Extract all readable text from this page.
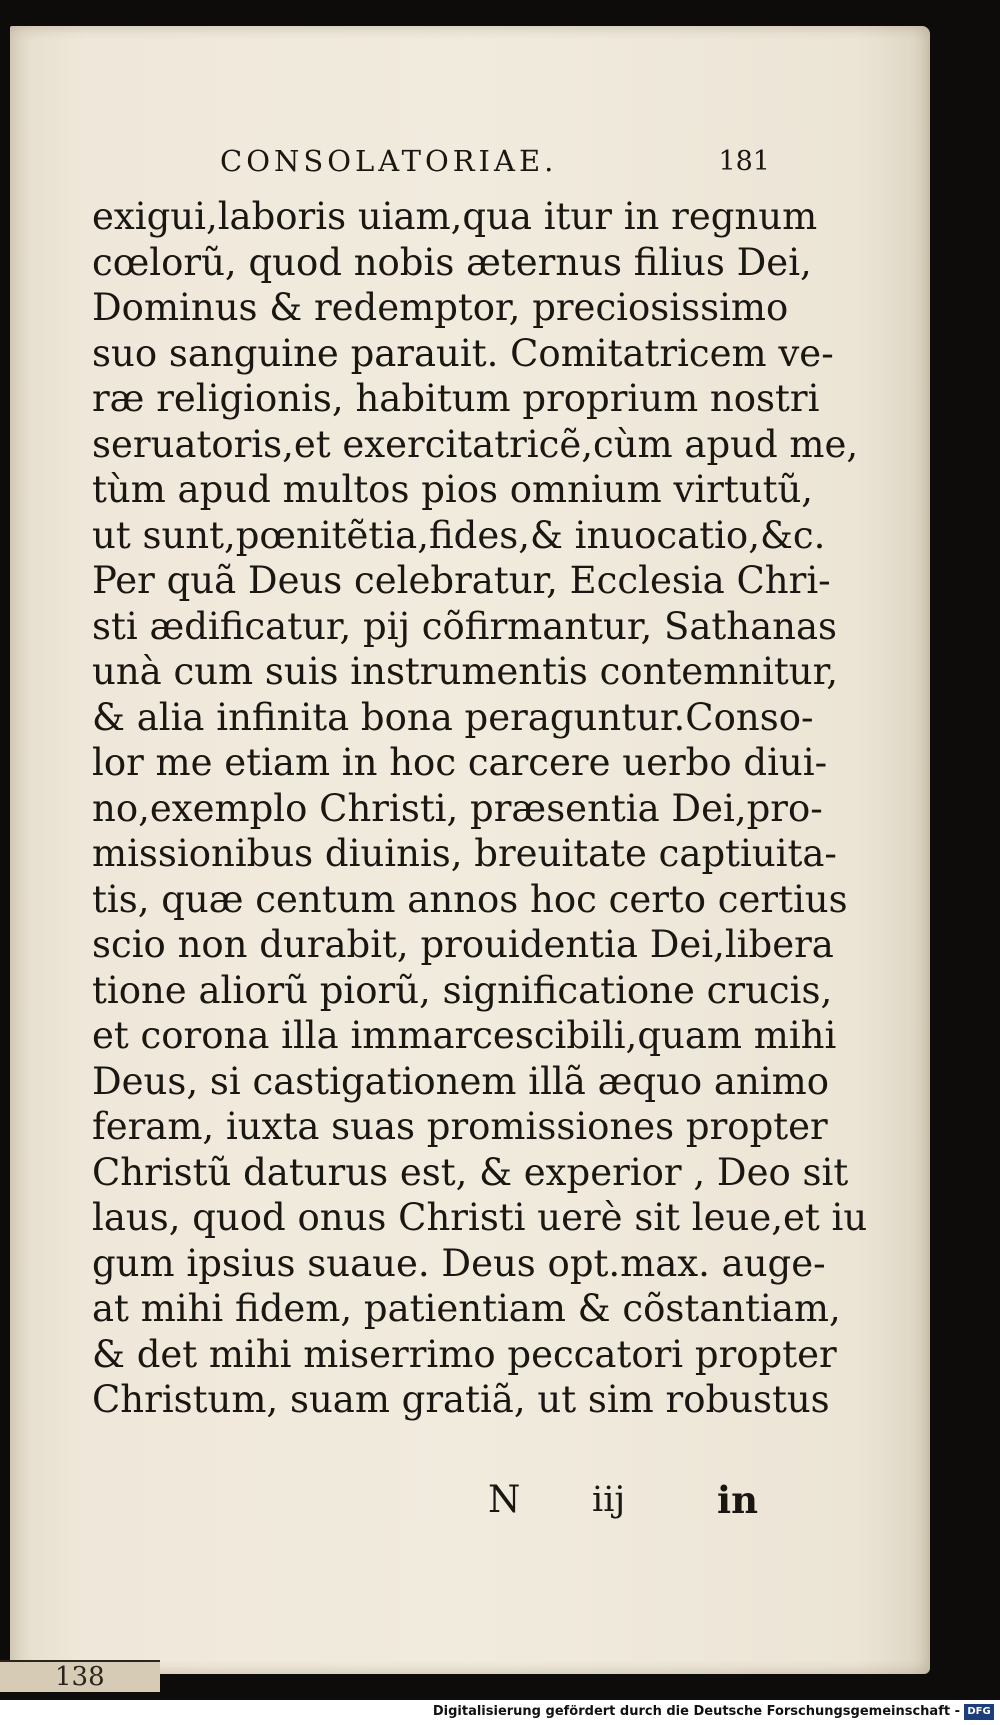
CONSOLATORIAE.	181
exigui,laboris uiam,qua itur in regnum
cœlorũ, quod nobis æternus filius Dei,
Dominus & redemptor, preciosissimo
suo sanguine parauit. Comitatricem ve-
ræ religionis, habitum proprium nostri
seruatoris,et exercitatricẽ,cùm apud me,
tùm apud multos pios omnium virtutũ,
ut sunt,pœnitẽtia,fides,& inuocatio,&c.
Per quã Deus celebratur, Ecclesia Chri-
sti ædificatur, pij cõfirmantur, Sathanas
unà cum suis instrumentis contemnitur,
& alia infinita bona peraguntur.Conso-
lor me etiam in hoc carcere uerbo diui-
no,exemplo Christi, præsentia Dei,pro-
missionibus diuinis, breuitate captiuita-
tis, quæ centum annos hoc certo certius
scio non durabit, prouidentia Dei,libera
tione aliorũ piorũ, significatione crucis,
et corona illa immarcescibili,quam mihi
Deus, si castigationem illã æquo animo
feram, iuxta suas promissiones propter
Christũ daturus est, & experior , Deo sit
laus, quod onus Christi uerè sit leue,et iu
gum ipsius suaue. Deus opt.max. auge-
at mihi fidem, patientiam & cõstantiam,
& det mihi miserrimo peccatori propter
Christum, suam gratiã, ut sim robustus
N iij in
138
Digitalisierung gefördert durch die Deutsche Forschungsgemeinschaft - DFG
